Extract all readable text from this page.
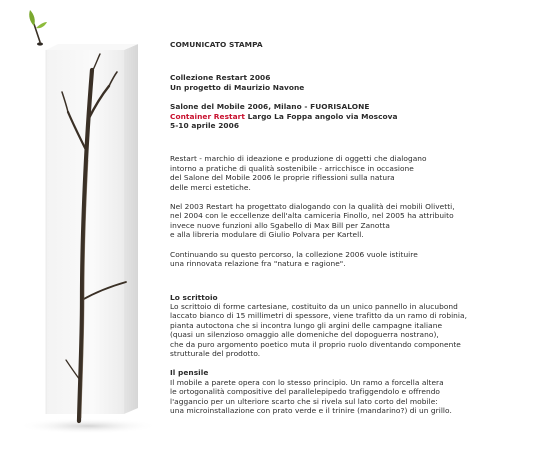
COMUNICATO STAMPA
Collezione Restart 2006
Un progetto di Maurizio Navone
Salone del Mobile 2006, Milano - FUORISALONE
Container Restart Largo La Foppa angolo via Moscova
5-10 aprile 2006
Restart - marchio di ideazione e produzione di oggetti che dialogano
intorno a pratiche di qualità sostenibile - arricchisce in occasione
del Salone del Mobile 2006 le proprie riflessioni sulla natura
delle merci estetiche.
Nel 2003 Restart ha progettato dialogando con la qualità dei mobili Olivetti,
nel 2004 con le eccellenze dell'alta camiceria Finollo, nel 2005 ha attribuito
invece nuove funzioni allo Sgabello di Max Bill per Zanotta
e alla libreria modulare di Giulio Polvara per Kartell.
Continuando su questo percorso, la collezione 2006 vuole istituire
una rinnovata relazione fra "natura e ragione".
Lo scrittoio
Lo scrittoio di forme cartesiane, costituito da un unico pannello in alucubond
laccato bianco di 15 millimetri di spessore, viene trafitto da un ramo di robinia,
pianta autoctona che si incontra lungo gli argini delle campagne italiane
(quasi un silenzioso omaggio alle domeniche del dopoguerra nostrano),
che da puro argomento poetico muta il proprio ruolo diventando componente
strutturale del prodotto.
Il pensile
Il mobile a parete opera con lo stesso principio. Un ramo a forcella altera
le ortogonalità compositive del parallelepipedo trafiggendolo e offrendo
l'aggancio per un ulteriore scarto che si rivela sul lato corto del mobile:
una microinstallazione con prato verde e il trinire (mandarino?) di un grillo.
